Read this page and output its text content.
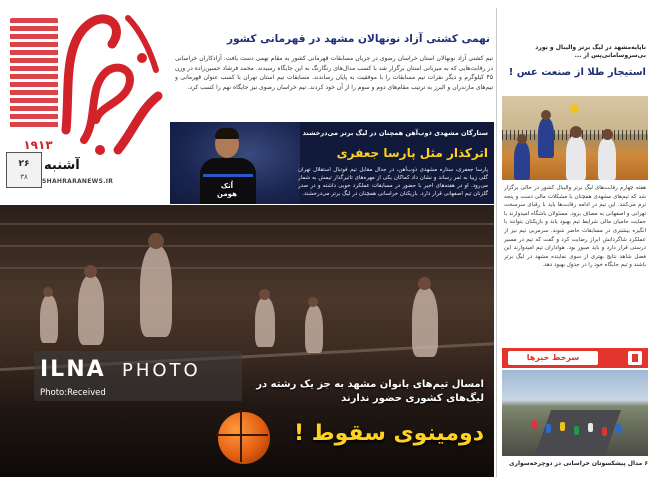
۱۹۱۳
۲۶
۳۸
آشنبه
SHAHRARANEWS.IR
نهمی کشتی آزاد نونهالان مشهد در قهرمانی کشور
تیم کشتی آزاد نونهالان استان خراسان رضوی در جریان مسابقات قهرمانی کشور به مقام نهمی دست یافت. آزادکاران خراسانی در رقابت‌هایی که به میزبانی استان برگزار شد با کسب مدال‌های رنگارنگ به این جایگاه رسیدند. محمد فرشاد حسین‌زاده در وزن ۴۵ کیلوگرم و دیگر نفرات تیم مسابقات را با موفقیت به پایان رساندند. مسابقات تیم استان تهران با کسب عنوان قهرمانی و تیم‌های مازندران و البرز به ترتیب مقام‌های دوم و سوم را از آن خود کردند. تیم خراسان رضوی نیز جایگاه نهم را کسب کرد.
اُتک هومن
ستارگان مشهدی ذوب‌آهن همچنان در لیگ برتر می‌درخشند
اترکذار مثل پارسا جعفری
پارسا جعفری، ستاره مشهدی ذوب‌آهن، در جدال مقابل تیم فوتبال استقلال تهران گلی زیبا به ثمر رساند و نشان داد کماکان یکی از مهره‌های تاثیرگذار تیمش به شمار می‌رود. او در هفته‌های اخیر با حضور در مسابقات عملکرد خوبی داشته و در صدر گلزنان تیم اصفهانی قرار دارد. بازیکنان خراسانی همچنان در لیگ برتر می‌درخشند.
ILNA PHOTO
Photo:Received
امسال تیم‌های بانوان مشهد به جز یک رشته در لیگ‌های کشوری حضور ندارند
دومینوی سقوط !
ناپایه‌مشهد در لیگ برتر والیبال و بورد بی‌سروسامانی‌پس از ...
استیجار طلا از صنعت عس !
هفته چهارم رقابت‌های لیگ برتر والیبال کشور در حالی برگزار شد که تیم‌های مشهدی همچنان با مشکلات مالی دست و پنجه نرم می‌کنند. این تیم در ادامه رقابت‌ها باید با رقبای سرسخت تهرانی و اصفهانی به مصاف برود. مسئولان باشگاه امیدوارند با حمایت حامیان مالی شرایط تیم بهبود یابد و بازیکنان بتوانند با انگیزه بیشتری در مسابقات حاضر شوند. سرمربی تیم نیز از عملکرد شاگردانش ابراز رضایت کرد و گفت که تیم در مسیر درستی قرار دارد و باید صبور بود. هواداران تیم امیدوارند این فصل شاهد نتایج بهتری از سوی نماینده مشهد در لیگ برتر باشند و تیم جایگاه خود را در جدول بهبود دهد.
سرخط خبرها
۶ مدال پیشکسوتان خراسانی در دوچرخه‌سواری
